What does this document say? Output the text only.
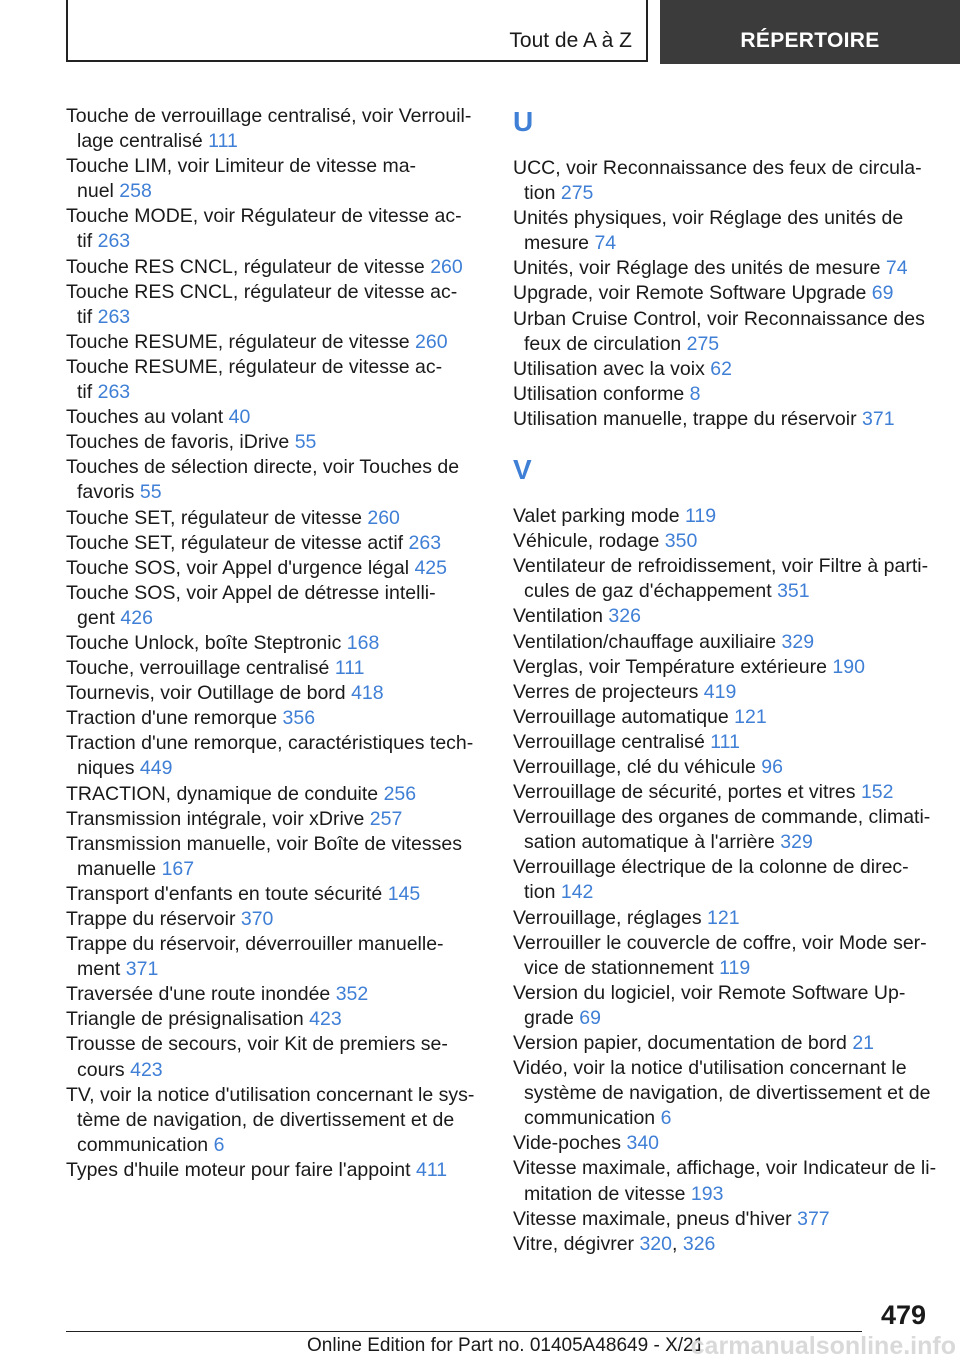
Tout de A à Z	RÉPERTOIRE
Touche de verrouillage centralisé, voir Verrouil-
lage centralisé 111
Touche LIM, voir Limiteur de vitesse ma-
nuel 258
Touche MODE, voir Régulateur de vitesse ac-
tif 263
Touche RES CNCL, régulateur de vitesse 260
Touche RES CNCL, régulateur de vitesse ac-
tif 263
Touche RESUME, régulateur de vitesse 260
Touche RESUME, régulateur de vitesse ac-
tif 263
Touches au volant 40
Touches de favoris, iDrive 55
Touches de sélection directe, voir Touches de
favoris 55
Touche SET, régulateur de vitesse 260
Touche SET, régulateur de vitesse actif 263
Touche SOS, voir Appel d'urgence légal 425
Touche SOS, voir Appel de détresse intelli-
gent 426
Touche Unlock, boîte Steptronic 168
Touche, verrouillage centralisé 111
Tournevis, voir Outillage de bord 418
Traction d'une remorque 356
Traction d'une remorque, caractéristiques tech-
niques 449
TRACTION, dynamique de conduite 256
Transmission intégrale, voir xDrive 257
Transmission manuelle, voir Boîte de vitesses
manuelle 167
Transport d'enfants en toute sécurité 145
Trappe du réservoir 370
Trappe du réservoir, déverrouiller manuelle-
ment 371
Traversée d'une route inondée 352
Triangle de présignalisation 423
Trousse de secours, voir Kit de premiers se-
cours 423
TV, voir la notice d'utilisation concernant le sys-
tème de navigation, de divertissement et de
communication 6
Types d'huile moteur pour faire l'appoint 411
U
UCC, voir Reconnaissance des feux de circula-
tion 275
Unités physiques, voir Réglage des unités de
mesure 74
Unités, voir Réglage des unités de mesure 74
Upgrade, voir Remote Software Upgrade 69
Urban Cruise Control, voir Reconnaissance des
feux de circulation 275
Utilisation avec la voix 62
Utilisation conforme 8
Utilisation manuelle, trappe du réservoir 371
V
Valet parking mode 119
Véhicule, rodage 350
Ventilateur de refroidissement, voir Filtre à parti-
cules de gaz d'échappement 351
Ventilation 326
Ventilation/chauffage auxiliaire 329
Verglas, voir Température extérieure 190
Verres de projecteurs 419
Verrouillage automatique 121
Verrouillage centralisé 111
Verrouillage, clé du véhicule 96
Verrouillage de sécurité, portes et vitres 152
Verrouillage des organes de commande, climati-
sation automatique à l'arrière 329
Verrouillage électrique de la colonne de direc-
tion 142
Verrouillage, réglages 121
Verrouiller le couvercle de coffre, voir Mode ser-
vice de stationnement 119
Version du logiciel, voir Remote Software Up-
grade 69
Version papier, documentation de bord 21
Vidéo, voir la notice d'utilisation concernant le
système de navigation, de divertissement et de
communication 6
Vide-poches 340
Vitesse maximale, affichage, voir Indicateur de li-
mitation de vitesse 193
Vitesse maximale, pneus d'hiver 377
Vitre, dégivrer 320, 326
479
Online Edition for Part no. 01405A48649 - X/21
carmanualsonline.info
